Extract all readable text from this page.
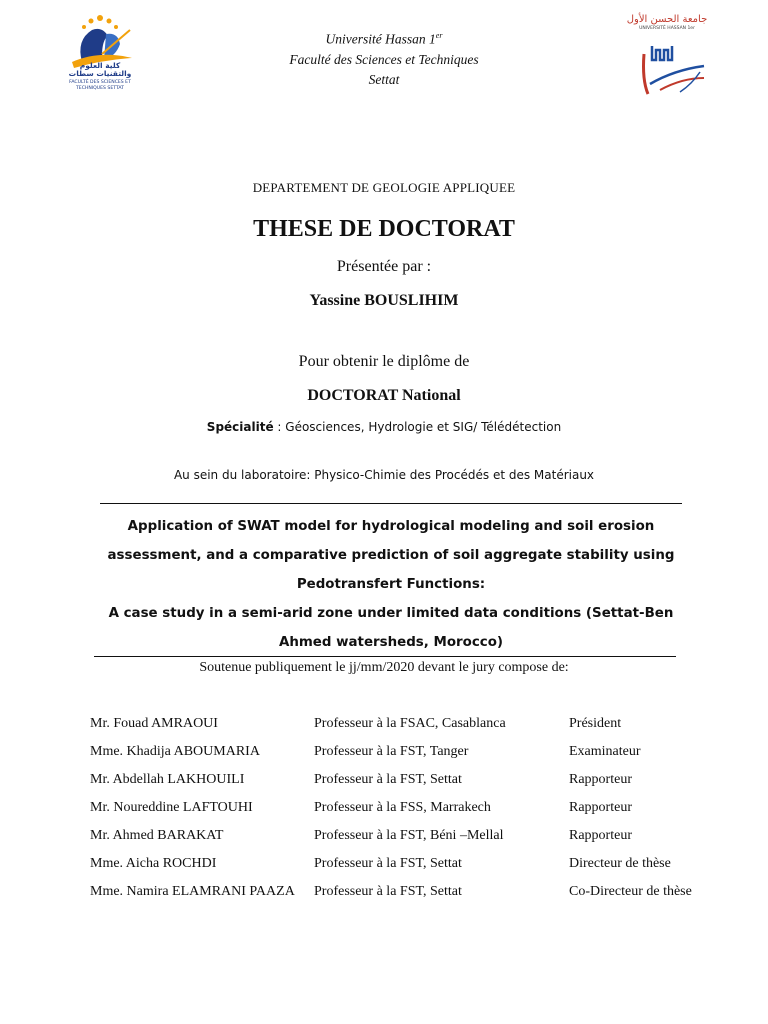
كلية العلوم والتقنيات سطات
FACULTÉ DES SCIENCES ET TECHNIQUES SETTAT
Université Hassan 1er
Faculté des Sciences et Techniques
Settat
جامعة الحسن الأول
UNIVERSITÉ HASSAN 1er
DEPARTEMENT DE GEOLOGIE APPLIQUEE
THESE DE DOCTORAT
Présentée par :
Yassine BOUSLIHIM
Pour obtenir le diplôme de
DOCTORAT National
Spécialité : Géosciences, Hydrologie et SIG/ Télédétection
Au sein du laboratoire: Physico-Chimie des Procédés et des Matériaux
Application of SWAT model for hydrological modeling and soil erosion
assessment, and a comparative prediction of soil aggregate stability using
Pedotransfert Functions:
A case study in a semi-arid zone under limited data conditions (Settat-Ben
Ahmed watersheds, Morocco)
Soutenue publiquement le jj/mm/2020 devant le jury compose de:
Mr. Fouad AMRAOUI	Professeur à la FSAC, Casablanca	Président
Mme. Khadija ABOUMARIA	Professeur à la FST, Tanger	Examinateur
Mr. Abdellah LAKHOUILI	Professeur à la FST, Settat	Rapporteur
Mr. Noureddine LAFTOUHI	Professeur à la FSS, Marrakech	Rapporteur
Mr. Ahmed BARAKAT	Professeur à la FST, Béni –Mellal	Rapporteur
Mme. Aicha ROCHDI	Professeur à la FST, Settat	Directeur de thèse
Mme. Namira ELAMRANI PAAZA Professeur à la FST, Settat	Co-Directeur de thèse
